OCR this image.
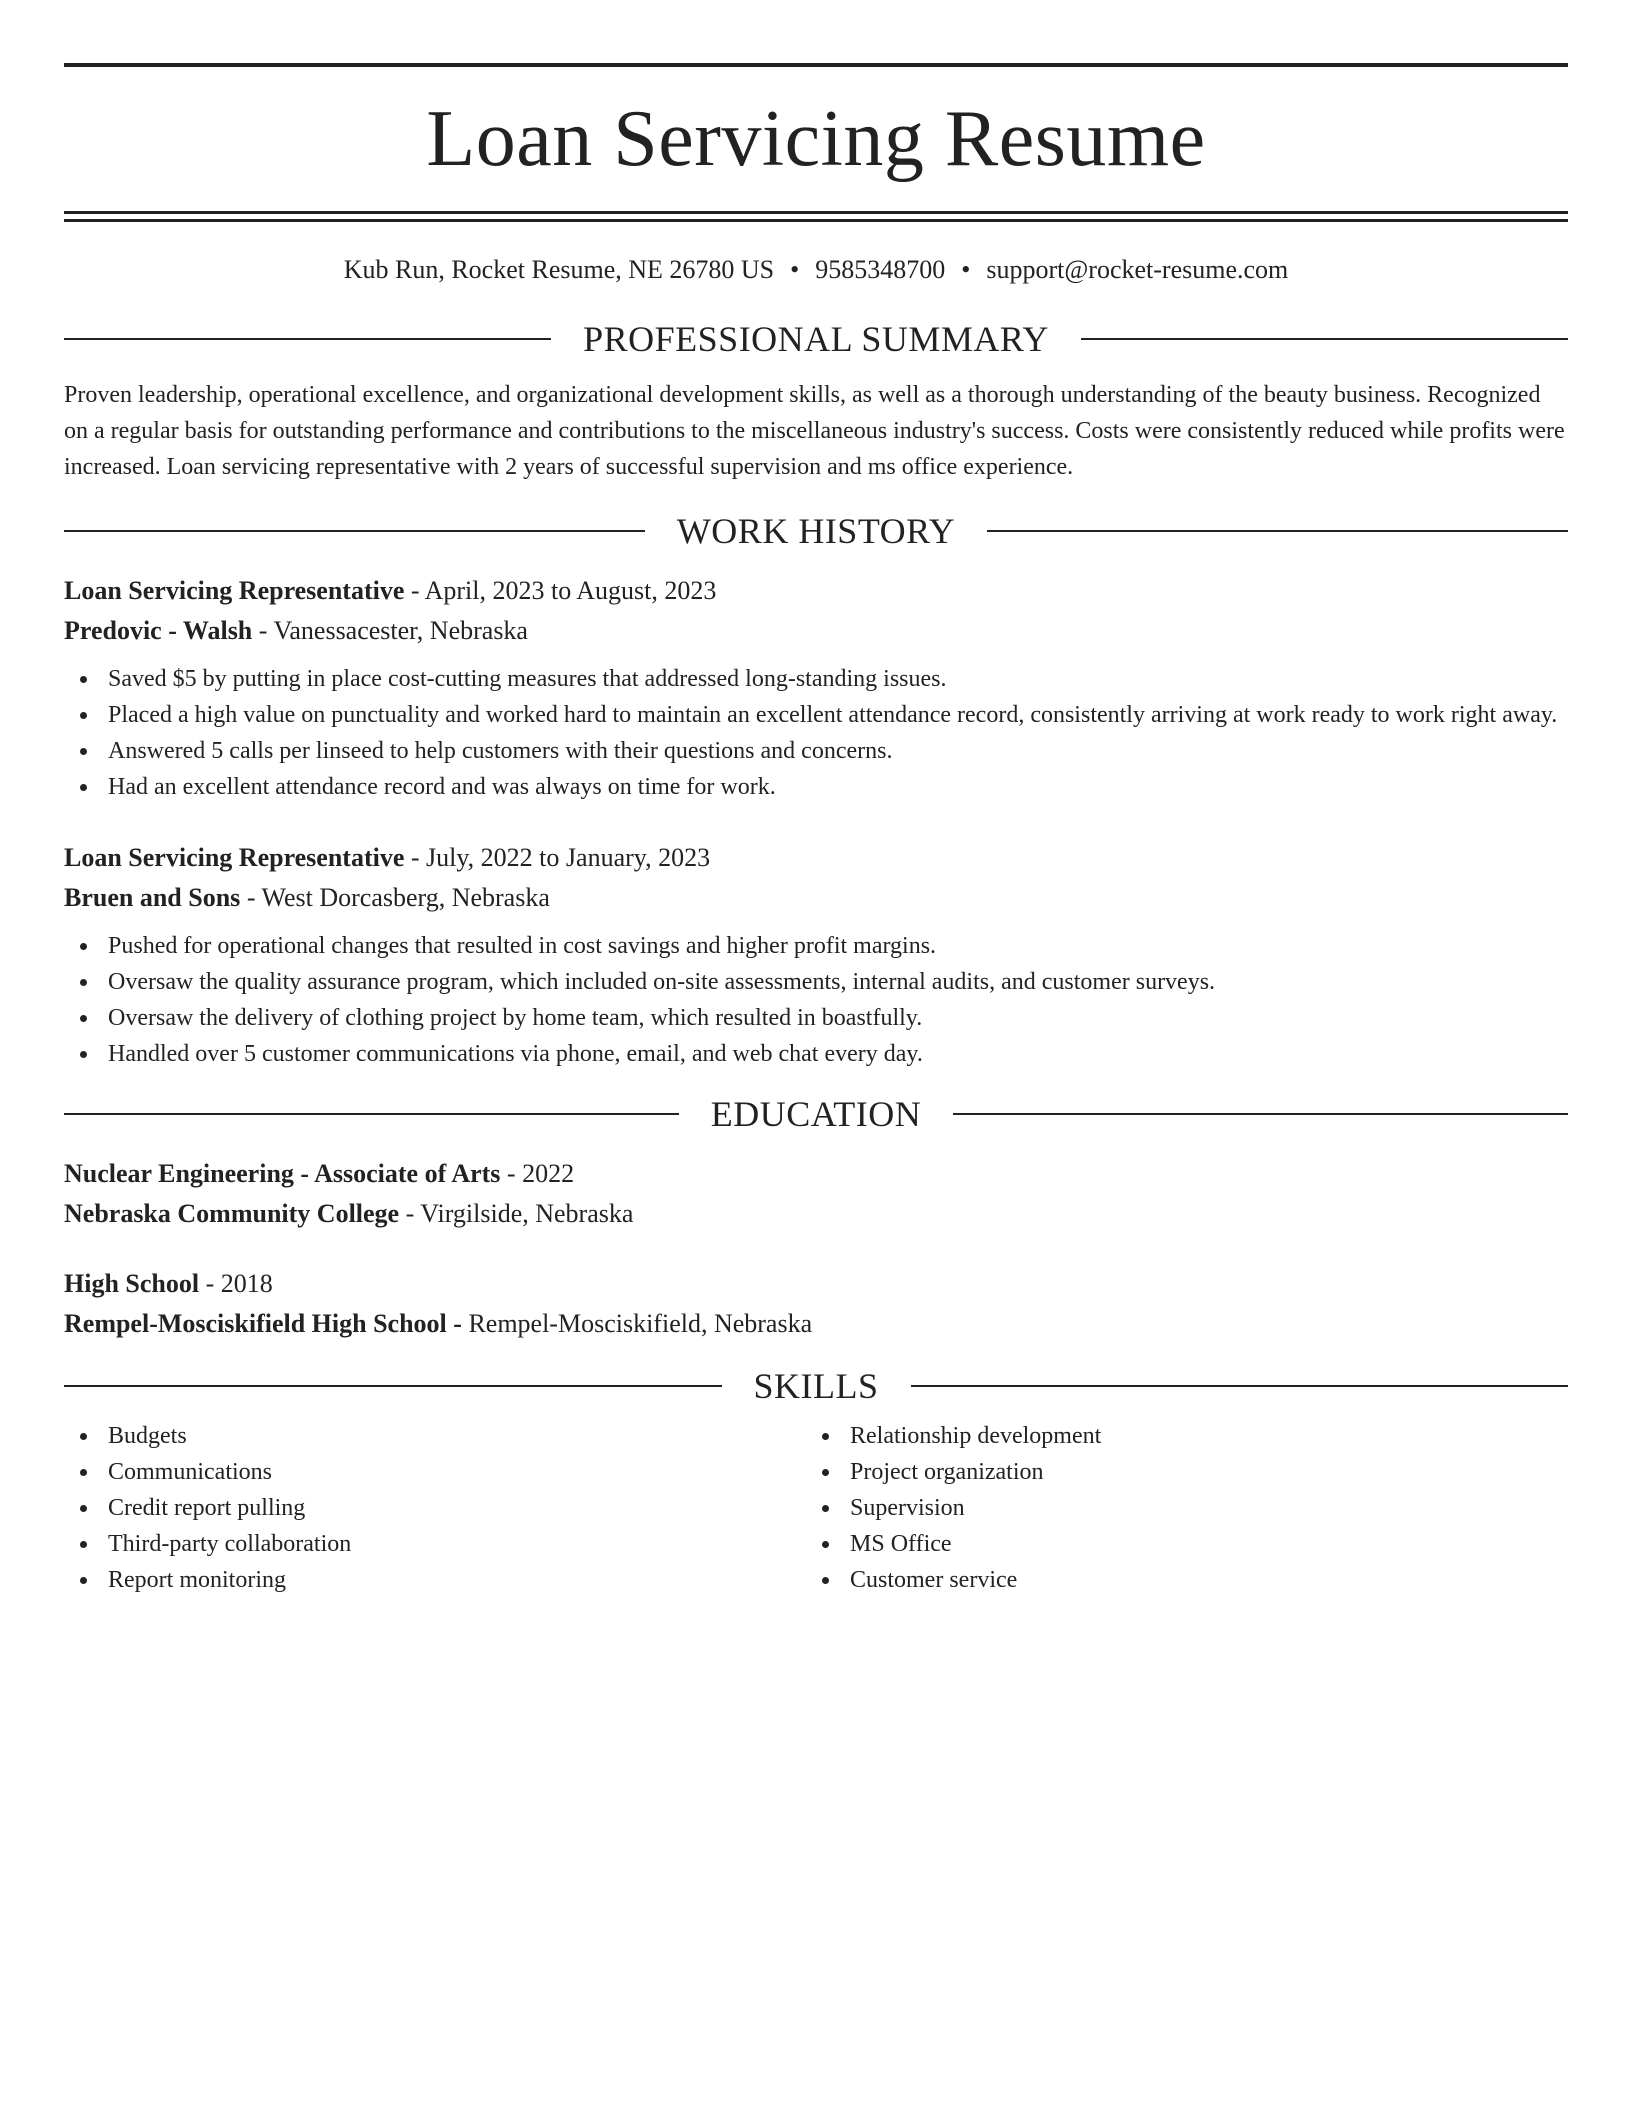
Loan Servicing Resume
Kub Run, Rocket Resume, NE 26780 US • 9585348700 • support@rocket-resume.com
PROFESSIONAL SUMMARY
Proven leadership, operational excellence, and organizational development skills, as well as a thorough understanding of the beauty business. Recognized on a regular basis for outstanding performance and contributions to the miscellaneous industry's success. Costs were consistently reduced while profits were increased. Loan servicing representative with 2 years of successful supervision and ms office experience.
WORK HISTORY
Loan Servicing Representative - April, 2023 to August, 2023
Predovic - Walsh - Vanessacester, Nebraska
Saved $5 by putting in place cost-cutting measures that addressed long-standing issues.
Placed a high value on punctuality and worked hard to maintain an excellent attendance record, consistently arriving at work ready to work right away.
Answered 5 calls per linseed to help customers with their questions and concerns.
Had an excellent attendance record and was always on time for work.
Loan Servicing Representative - July, 2022 to January, 2023
Bruen and Sons - West Dorcasberg, Nebraska
Pushed for operational changes that resulted in cost savings and higher profit margins.
Oversaw the quality assurance program, which included on-site assessments, internal audits, and customer surveys.
Oversaw the delivery of clothing project by home team, which resulted in boastfully.
Handled over 5 customer communications via phone, email, and web chat every day.
EDUCATION
Nuclear Engineering - Associate of Arts - 2022
Nebraska Community College - Virgilside, Nebraska
High School - 2018
Rempel-Mosciskifield High School - Rempel-Mosciskifield, Nebraska
SKILLS
Budgets
Communications
Credit report pulling
Third-party collaboration
Report monitoring
Relationship development
Project organization
Supervision
MS Office
Customer service
